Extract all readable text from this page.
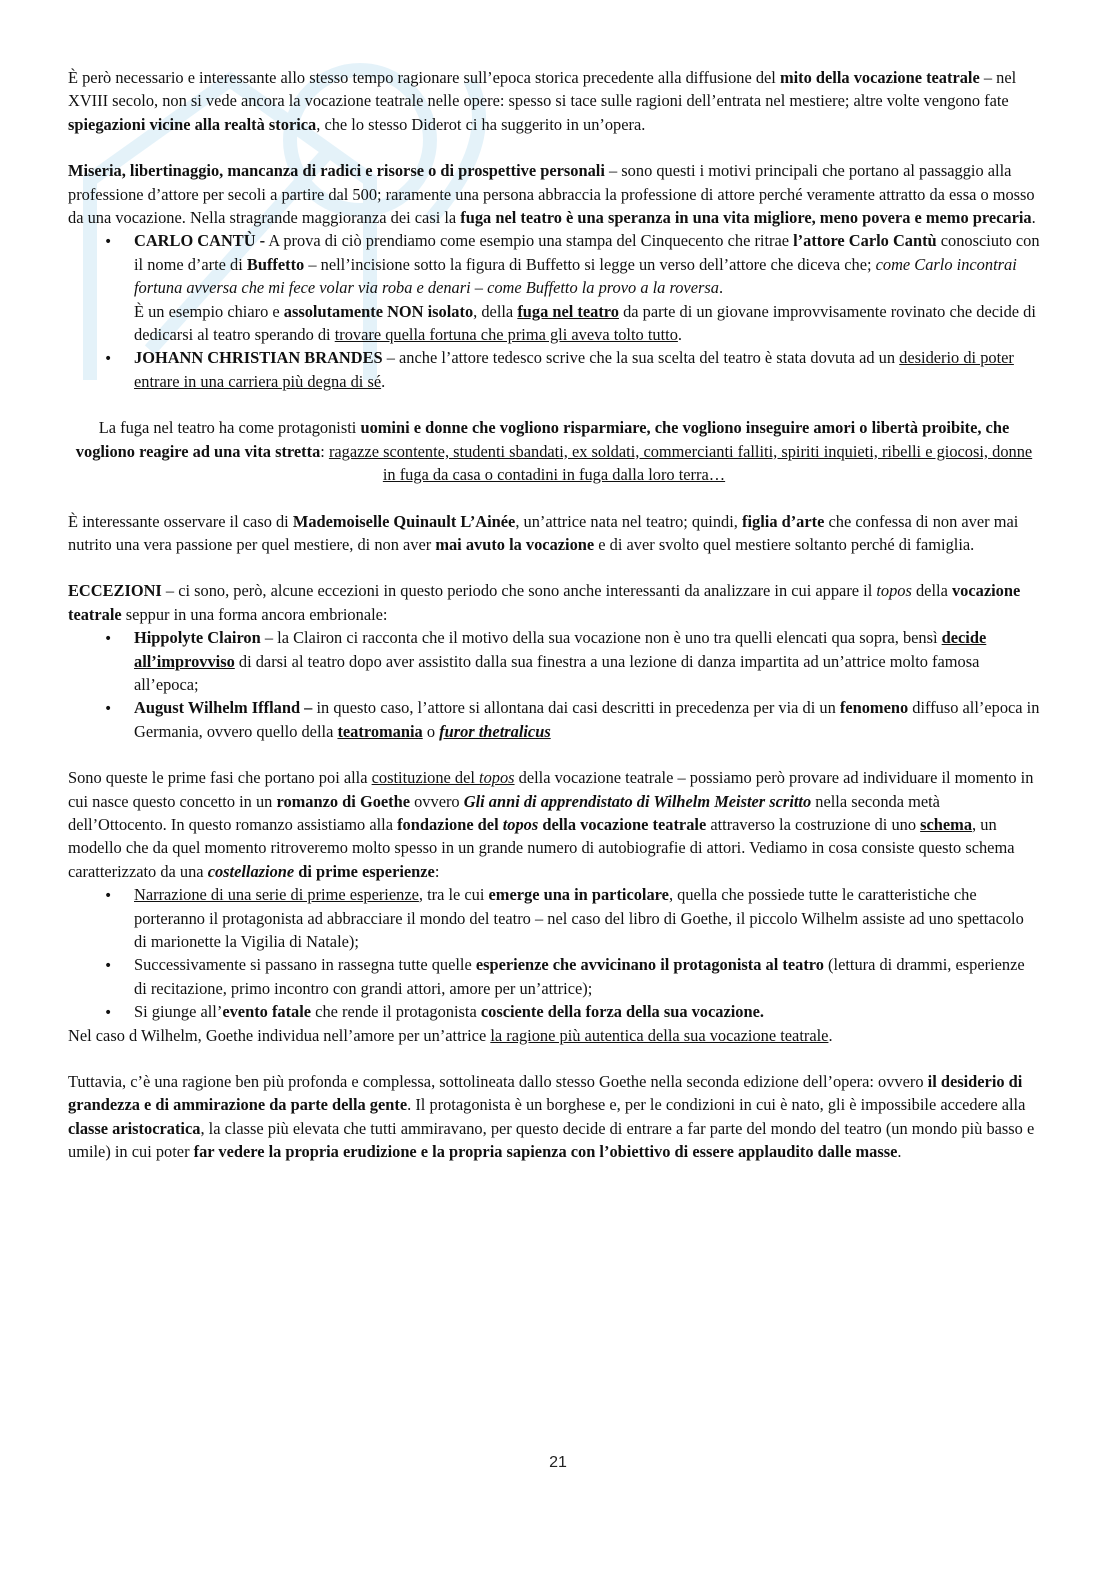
È però necessario e interessante allo stesso tempo ragionare sull’epoca storica precedente alla diffusione del mito della vocazione teatrale – nel XVIII secolo, non si vede ancora la vocazione teatrale nelle opere: spesso si tace sulle ragioni dell’entrata nel mestiere; altre volte vengono fate spiegazioni vicine alla realtà storica, che lo stesso Diderot ci ha suggerito in un’opera.

Miseria, libertinaggio, mancanza di radici e risorse o di prospettive personali – sono questi i motivi principali che portano al passaggio alla professione d’attore per secoli a partire dal 500; raramente una persona abbraccia la professione di attore perché veramente attratto da essa o mosso da una vocazione. Nella stragrande maggioranza dei casi la fuga nel teatro è una speranza in una vita migliore, meno povera e memo precaria.

•
CARLO CANTÙ - A prova di ciò prendiamo come esempio una stampa del Cinquecento che ritrae l’attore Carlo Cantù conosciuto con il nome d’arte di Buffetto – nell’incisione sotto la figura di Buffetto si legge un verso dell’attore che diceva che; come Carlo incontrai fortuna avversa che mi fece volar via roba e denari – come Buffetto la provo a la roversa.
È un esempio chiaro e assolutamente NON isolato, della fuga nel teatro da parte di un giovane improvvisamente rovinato che decide di dedicarsi al teatro sperando di trovare quella fortuna che prima gli aveva tolto tutto.
•
JOHANN CHRISTIAN BRANDES – anche l’attore tedesco scrive che la sua scelta del teatro è stata dovuta ad un desiderio di poter entrare in una carriera più degna di sé.

La fuga nel teatro ha come protagonisti uomini e donne che vogliono risparmiare, che vogliono inseguire amori o libertà proibite, che vogliono reagire ad una vita stretta: ragazze scontente, studenti sbandati, ex soldati, commercianti falliti, spiriti inquieti, ribelli e giocosi, donne in fuga da casa o contadini in fuga dalla loro terra…

È interessante osservare il caso di Mademoiselle Quinault L’Ainée, un’attrice nata nel teatro; quindi, figlia d’arte che confessa di non aver mai nutrito una vera passione per quel mestiere, di non aver mai avuto la vocazione e di aver svolto quel mestiere soltanto perché di famiglia.

ECCEZIONI – ci sono, però, alcune eccezioni in questo periodo che sono anche interessanti da analizzare in cui appare il topos della vocazione teatrale seppur in una forma ancora embrionale:

•
Hippolyte Clairon – la Clairon ci racconta che il motivo della sua vocazione non è uno tra quelli elencati qua sopra, bensì decide all’improvviso di darsi al teatro dopo aver assistito dalla sua finestra a una lezione di danza impartita ad un’attrice molto famosa all’epoca;
•
August Wilhelm Iffland – in questo caso, l’attore si allontana dai casi descritti in precedenza per via di un fenomeno diffuso all’epoca in Germania, ovvero quello della teatromania o furor thetralicus

Sono queste le prime fasi che portano poi alla costituzione del topos della vocazione teatrale – possiamo però provare ad individuare il momento in cui nasce questo concetto in un romanzo di Goethe ovvero Gli anni di apprendistato di Wilhelm Meister scritto nella seconda metà dell’Ottocento. In questo romanzo assistiamo alla fondazione del topos della vocazione teatrale attraverso la costruzione di uno schema, un modello che da quel momento ritroveremo molto spesso in un grande numero di autobiografie di attori. Vediamo in cosa consiste questo schema caratterizzato da una costellazione di prime esperienze:

•
Narrazione di una serie di prime esperienze, tra le cui emerge una in particolare, quella che possiede tutte le caratteristiche che porteranno il protagonista ad abbracciare il mondo del teatro – nel caso del libro di Goethe, il piccolo Wilhelm assiste ad uno spettacolo di marionette la Vigilia di Natale);
•
Successivamente si passano in rassegna tutte quelle esperienze che avvicinano il protagonista al teatro (lettura di drammi, esperienze di recitazione, primo incontro con grandi attori, amore per un’attrice);
•
Si giunge all’evento fatale che rende il protagonista cosciente della forza della sua vocazione.

Nel caso d Wilhelm, Goethe individua nell’amore per un’attrice la ragione più autentica della sua vocazione teatrale.

Tuttavia, c’è una ragione ben più profonda e complessa, sottolineata dallo stesso Goethe nella seconda edizione dell’opera: ovvero il desiderio di grandezza e di ammirazione da parte della gente. Il protagonista è un borghese e, per le condizioni in cui è nato, gli è impossibile accedere alla classe aristocratica, la classe più elevata che tutti ammiravano, per questo decide di entrare a far parte del mondo del teatro (un mondo più basso e umile) in cui poter far vedere la propria erudizione e la propria sapienza con l’obiettivo di essere applaudito dalle masse.

21
